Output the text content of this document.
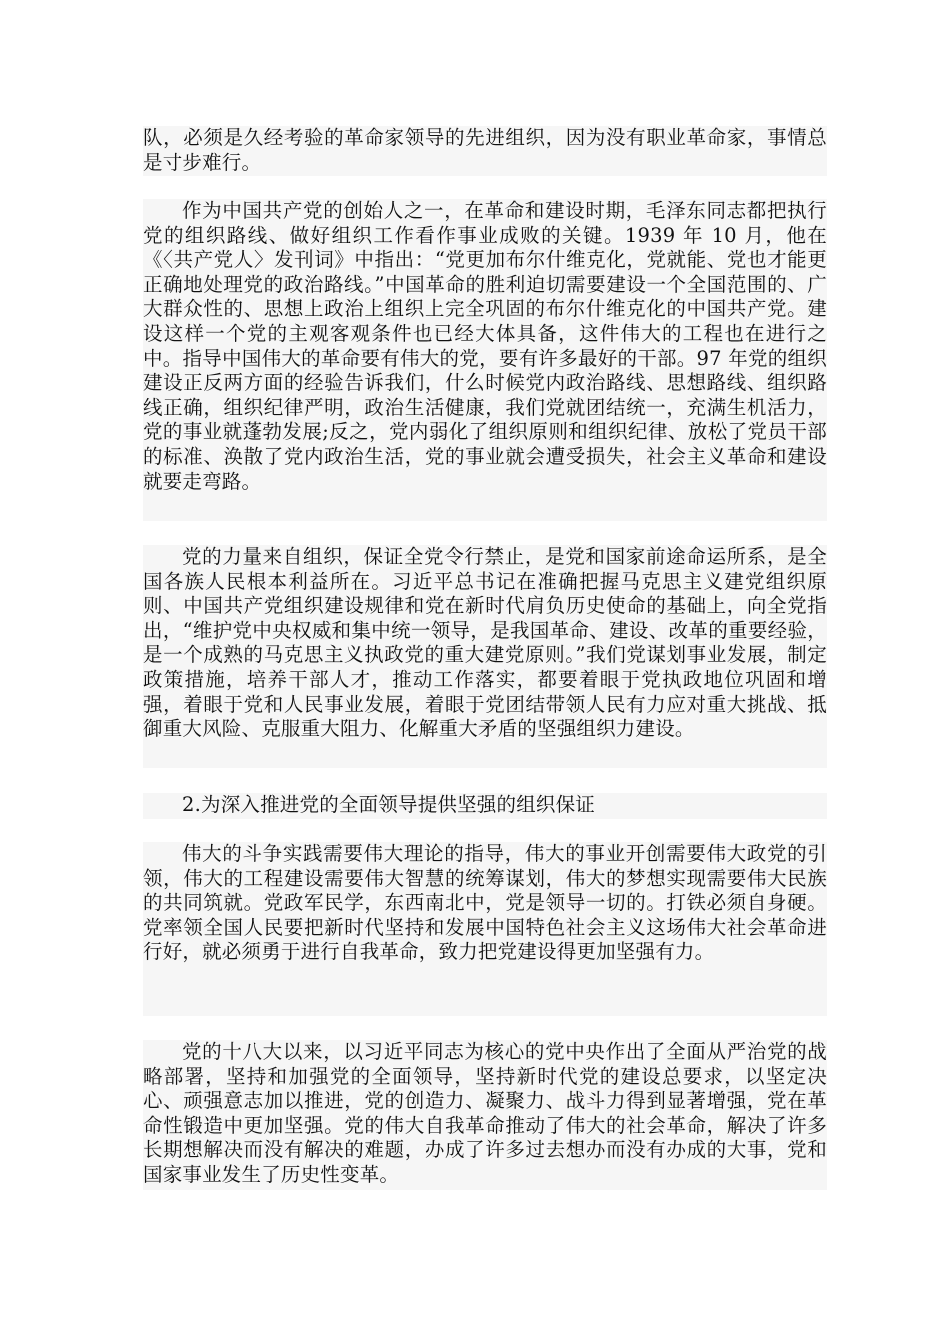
队，必须是久经考验的革命家领导的先进组织，因为没有职业革命家，事情总是寸步难行。

作为中国共产党的创始人之一，在革命和建设时期，毛泽东同志都把执行党的组织路线、做好组织工作看作事业成败的关键。1939 年 10 月，他在《〈共产党人〉发刊词》中指出：“党更加布尔什维克化，党就能、党也才能更正确地处理党的政治路线。”中国革命的胜利迫切需要建设一个全国范围的、广大群众性的、思想上政治上组织上完全巩固的布尔什维克化的中国共产党。建设这样一个党的主观客观条件也已经大体具备，这件伟大的工程也在进行之中。指导中国伟大的革命要有伟大的党，要有许多最好的干部。97 年党的组织建设正反两方面的经验告诉我们，什么时候党内政治路线、思想路线、组织路线正确，组织纪律严明，政治生活健康，我们党就团结统一，充满生机活力，党的事业就蓬勃发展;反之，党内弱化了组织原则和组织纪律、放松了党员干部的标准、涣散了党内政治生活，党的事业就会遭受损失，社会主义革命和建设就要走弯路。

党的力量来自组织，保证全党令行禁止，是党和国家前途命运所系，是全国各族人民根本利益所在。习近平总书记在准确把握马克思主义建党组织原则、中国共产党组织建设规律和党在新时代肩负历史使命的基础上，向全党指出，“维护党中央权威和集中统一领导，是我国革命、建设、改革的重要经验，是一个成熟的马克思主义执政党的重大建党原则。”我们党谋划事业发展，制定政策措施，培养干部人才，推动工作落实，都要着眼于党执政地位巩固和增强，着眼于党和人民事业发展，着眼于党团结带领人民有力应对重大挑战、抵御重大风险、克服重大阻力、化解重大矛盾的坚强组织力建设。

2.为深入推进党的全面领导提供坚强的组织保证

伟大的斗争实践需要伟大理论的指导，伟大的事业开创需要伟大政党的引领，伟大的工程建设需要伟大智慧的统筹谋划，伟大的梦想实现需要伟大民族的共同筑就。党政军民学，东西南北中，党是领导一切的。打铁必须自身硬。党率领全国人民要把新时代坚持和发展中国特色社会主义这场伟大社会革命进行好，就必须勇于进行自我革命，致力把党建设得更加坚强有力。

党的十八大以来，以习近平同志为核心的党中央作出了全面从严治党的战略部署，坚持和加强党的全面领导，坚持新时代党的建设总要求，以坚定决心、顽强意志加以推进，党的创造力、凝聚力、战斗力得到显著增强，党在革命性锻造中更加坚强。党的伟大自我革命推动了伟大的社会革命，解决了许多长期想解决而没有解决的难题，办成了许多过去想办而没有办成的大事，党和国家事业发生了历史性变革。
